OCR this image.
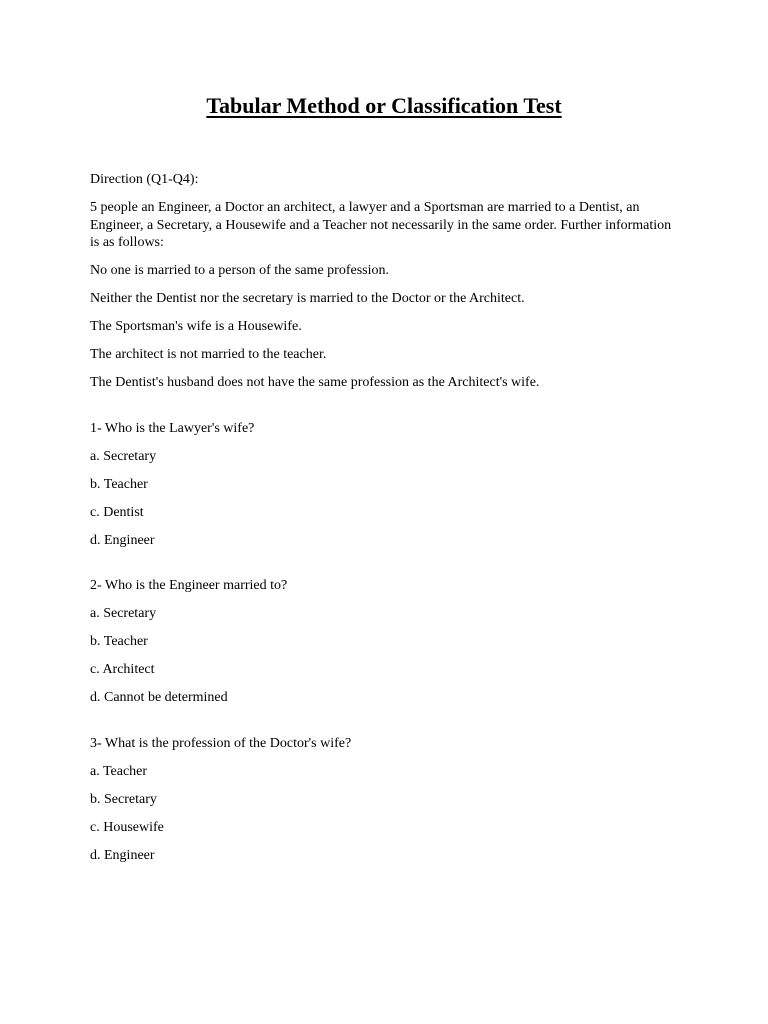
Tabular Method or Classification Test

Direction (Q1-Q4):

5 people an Engineer, a Doctor an architect, a lawyer and a Sportsman are married to a Dentist, an Engineer, a Secretary, a Housewife and a Teacher not necessarily in the same order. Further information is as follows:

No one is married to a person of the same profession.

Neither the Dentist nor the secretary is married to the Doctor or the Architect.

The Sportsman's wife is a Housewife.

The architect is not married to the teacher.

The Dentist's husband does not have the same profession as the Architect's wife.

1- Who is the Lawyer's wife?

a. Secretary

b. Teacher

c. Dentist

d. Engineer

2- Who is the Engineer married to?

a. Secretary

b. Teacher

c. Architect

d. Cannot be determined

3- What is the profession of the Doctor's wife?

a. Teacher

b. Secretary

c. Housewife

d. Engineer
